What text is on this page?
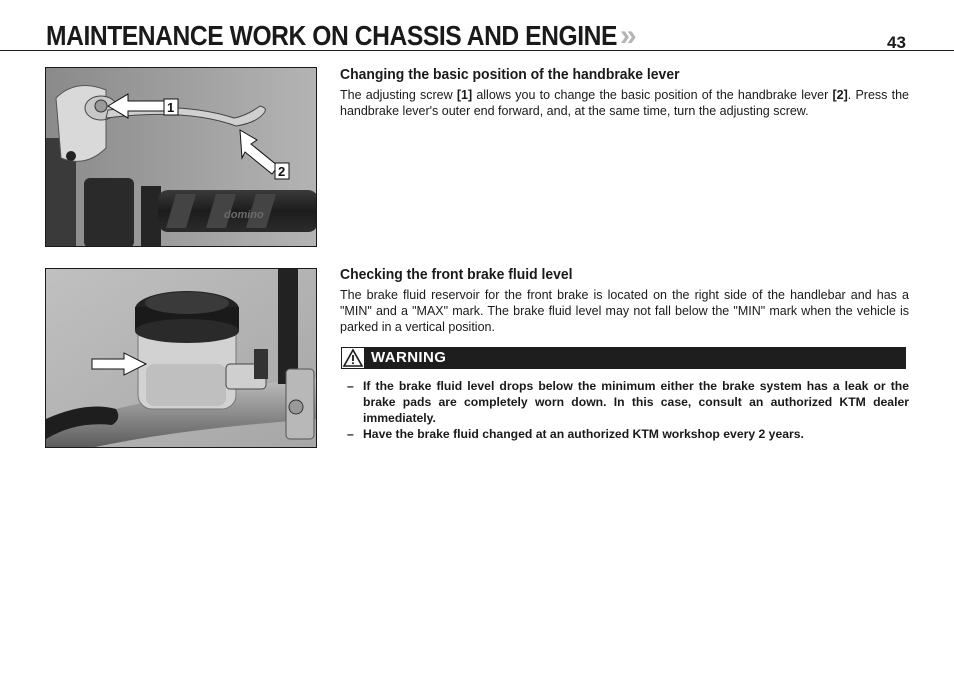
MAINTENANCE WORK ON CHASSIS AND ENGINE »	43
domino
1
2
Changing the basic position of the handbrake lever

The adjusting screw [1] allows you to change the basic position of the handbrake lever [2]. Press the handbrake lever's outer end forward, and, at the same time, turn the adjusting screw.

Checking the front brake fluid level

The brake fluid reservoir for the front brake is located on the right side of the handlebar and has a "MIN" and a "MAX" mark. The brake fluid level may not fall below the "MIN" mark when the vehicle is parked in a vertical position.

WARNING
– If the brake fluid level drops below the minimum either the brake system has a leak or the brake pads are completely worn down. In this case, consult an authorized KTM dealer immediately.
– Have the brake fluid changed at an authorized KTM workshop every 2 years.
